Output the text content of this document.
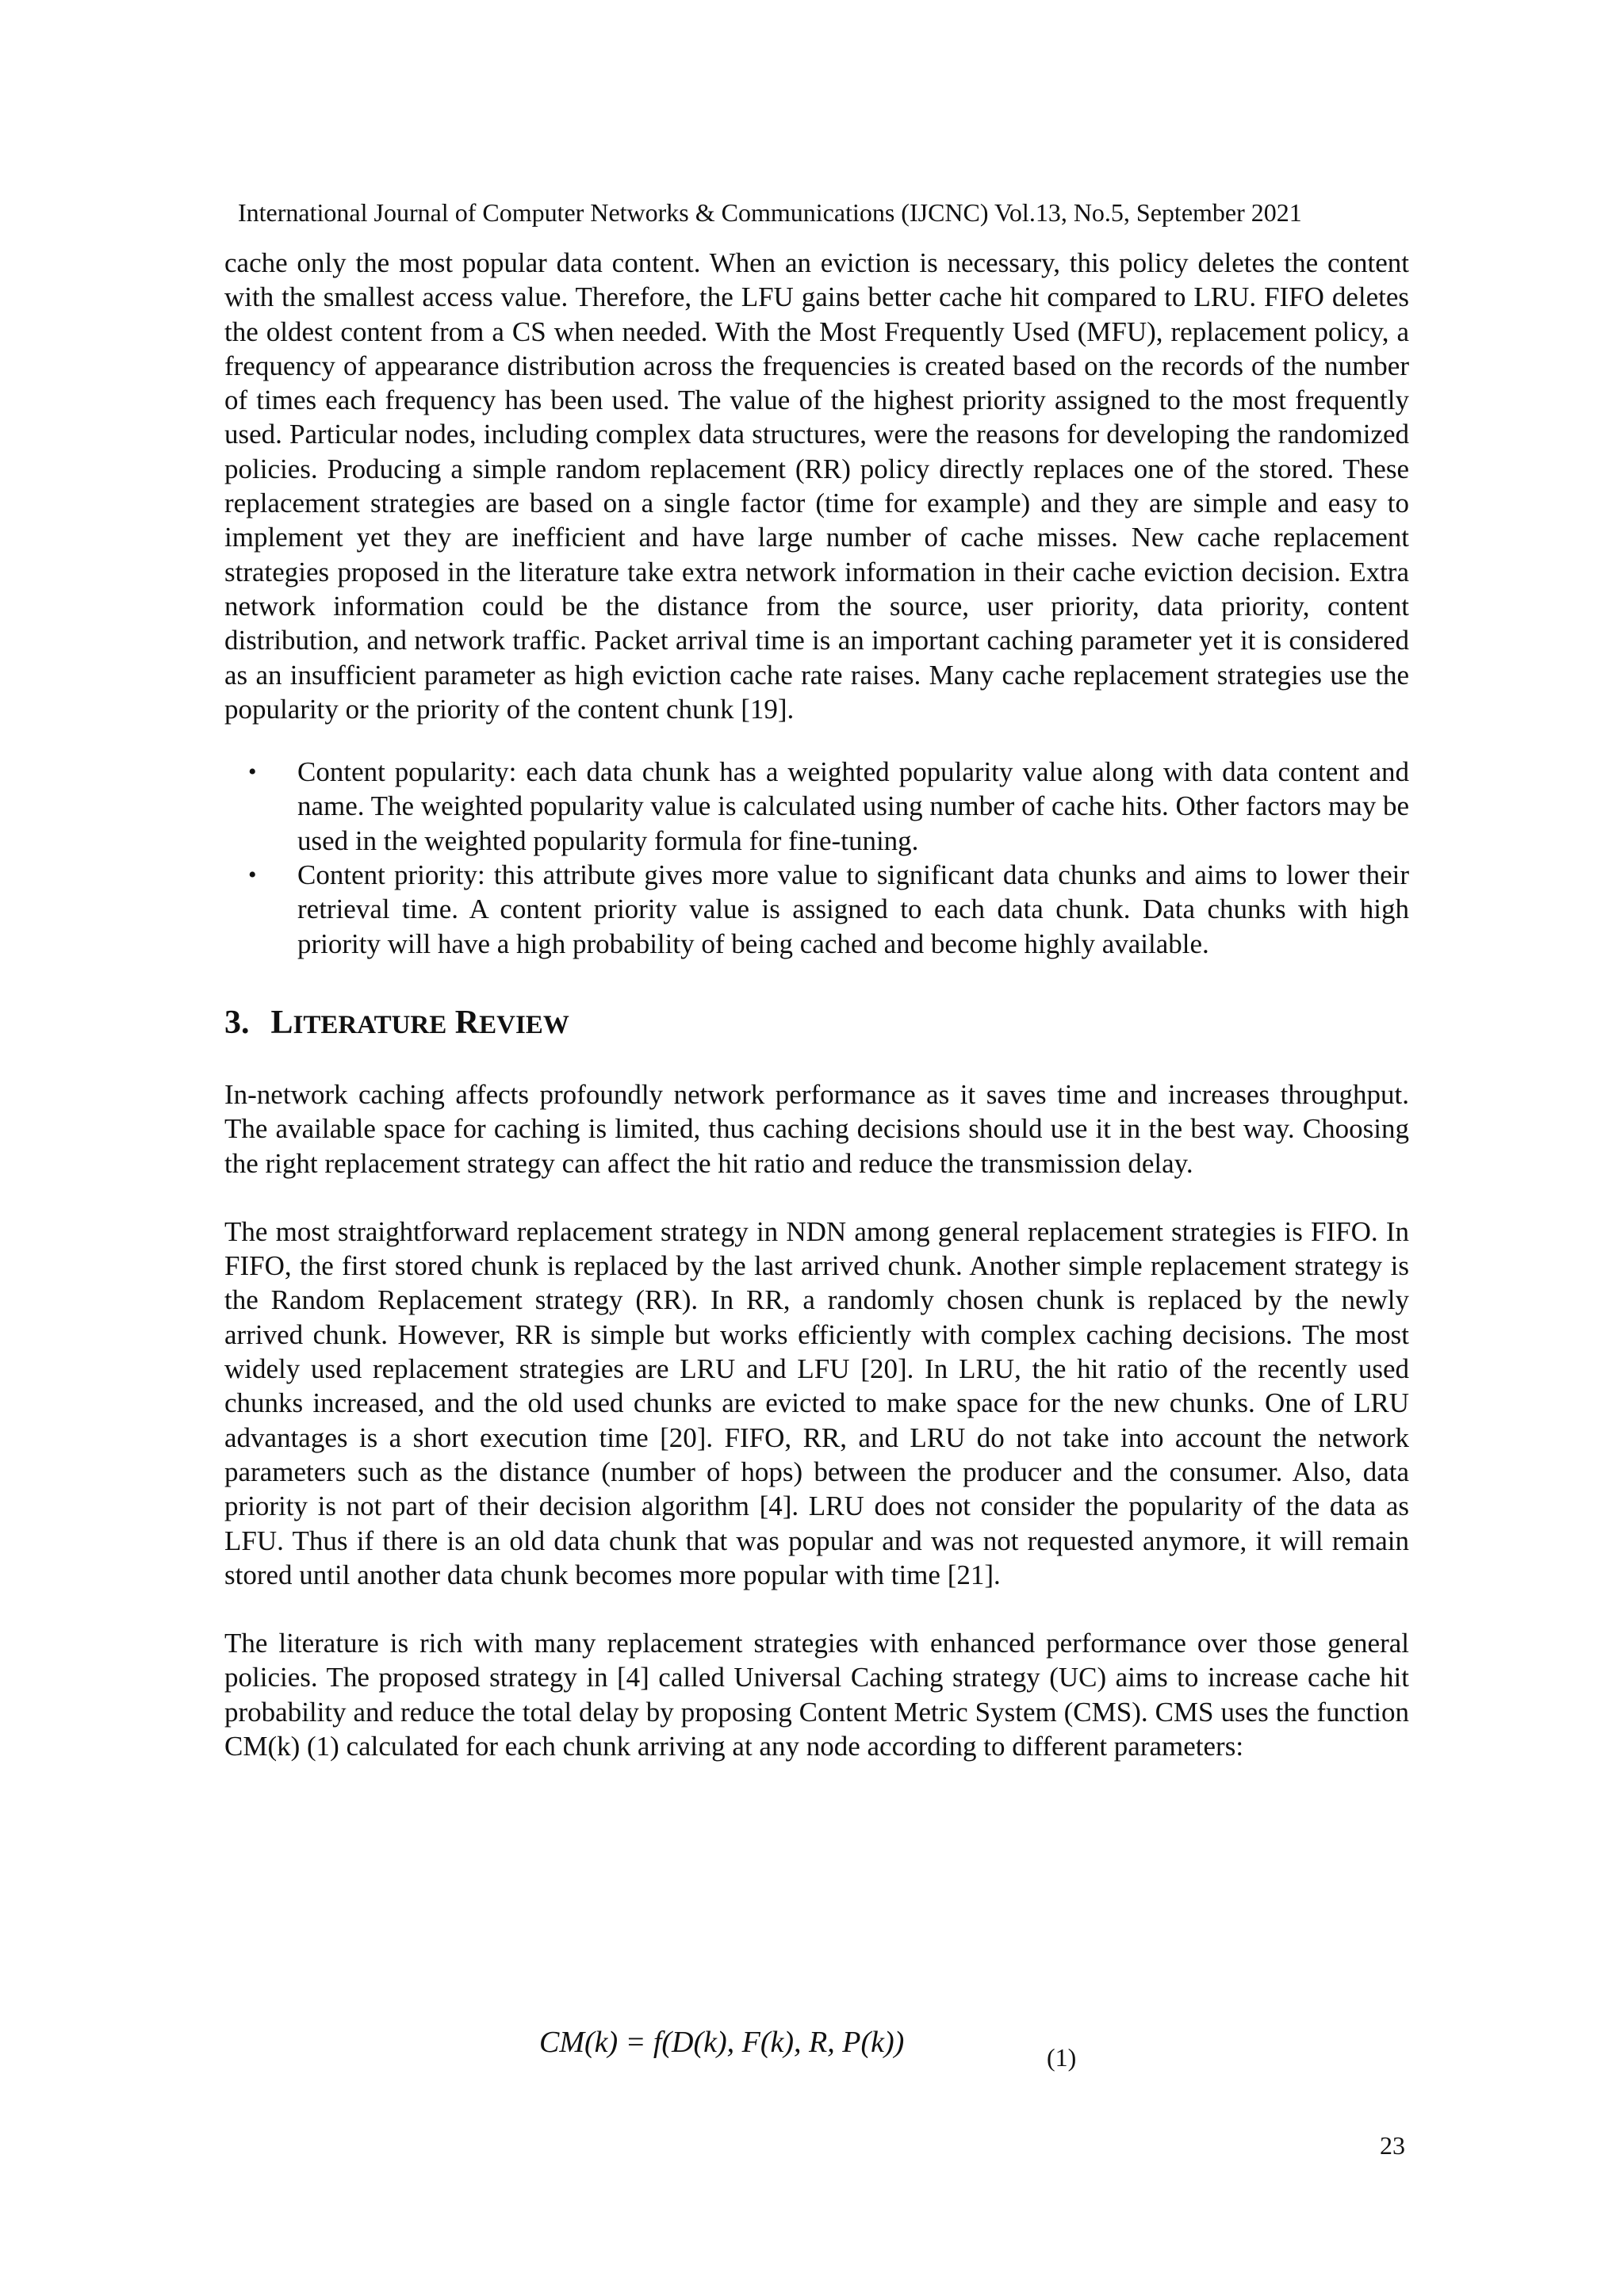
International Journal of Computer Networks & Communications (IJCNC) Vol.13, No.5, September 2021

cache only the most popular data content. When an eviction is necessary, this policy deletes the content with the smallest access value. Therefore, the LFU gains better cache hit compared to LRU. FIFO deletes the oldest content from a CS when needed. With the Most Frequently Used (MFU), replacement policy, a frequency of appearance distribution across the frequencies is created based on the records of the number of times each frequency has been used. The value of the highest priority assigned to the most frequently used. Particular nodes, including complex data structures, were the reasons for developing the randomized policies. Producing a simple random replacement (RR) policy directly replaces one of the stored. These replacement strategies are based on a single factor (time for example) and they are simple and easy to implement yet they are inefficient and have large number of cache misses. New cache replacement strategies proposed in the literature take extra network information in their cache eviction decision. Extra network information could be the distance from the source, user priority, data priority, content distribution, and network traffic. Packet arrival time is an important caching parameter yet it is considered as an insufficient parameter as high eviction cache rate raises. Many cache replacement strategies use the popularity or the priority of the content chunk [19].

• Content popularity: each data chunk has a weighted popularity value along with data content and name. The weighted popularity value is calculated using number of cache hits. Other factors may be used in the weighted popularity formula for fine-tuning.
• Content priority: this attribute gives more value to significant data chunks and aims to lower their retrieval time. A content priority value is assigned to each data chunk. Data chunks with high priority will have a high probability of being cached and become highly available.
3. LITERATURE REVIEW

In-network caching affects profoundly network performance as it saves time and increases throughput. The available space for caching is limited, thus caching decisions should use it in the best way. Choosing the right replacement strategy can affect the hit ratio and reduce the transmission delay.

The most straightforward replacement strategy in NDN among general replacement strategies is FIFO. In FIFO, the first stored chunk is replaced by the last arrived chunk. Another simple replacement strategy is the Random Replacement strategy (RR). In RR, a randomly chosen chunk is replaced by the newly arrived chunk. However, RR is simple but works efficiently with complex caching decisions. The most widely used replacement strategies are LRU and LFU [20]. In LRU, the hit ratio of the recently used chunks increased, and the old used chunks are evicted to make space for the new chunks. One of LRU advantages is a short execution time [20]. FIFO, RR, and LRU do not take into account the network parameters such as the distance (number of hops) between the producer and the consumer. Also, data priority is not part of their decision algorithm [4]. LRU does not consider the popularity of the data as LFU. Thus if there is an old data chunk that was popular and was not requested anymore, it will remain stored until another data chunk becomes more popular with time [21].

The literature is rich with many replacement strategies with enhanced performance over those general policies. The proposed strategy in [4] called Universal Caching strategy (UC) aims to increase cache hit probability and reduce the total delay by proposing Content Metric System (CMS). CMS uses the function CM(k) (1) calculated for each chunk arriving at any node according to different parameters:

CM(k) = f(D(k), F(k), R, P(k))	(1)
23
